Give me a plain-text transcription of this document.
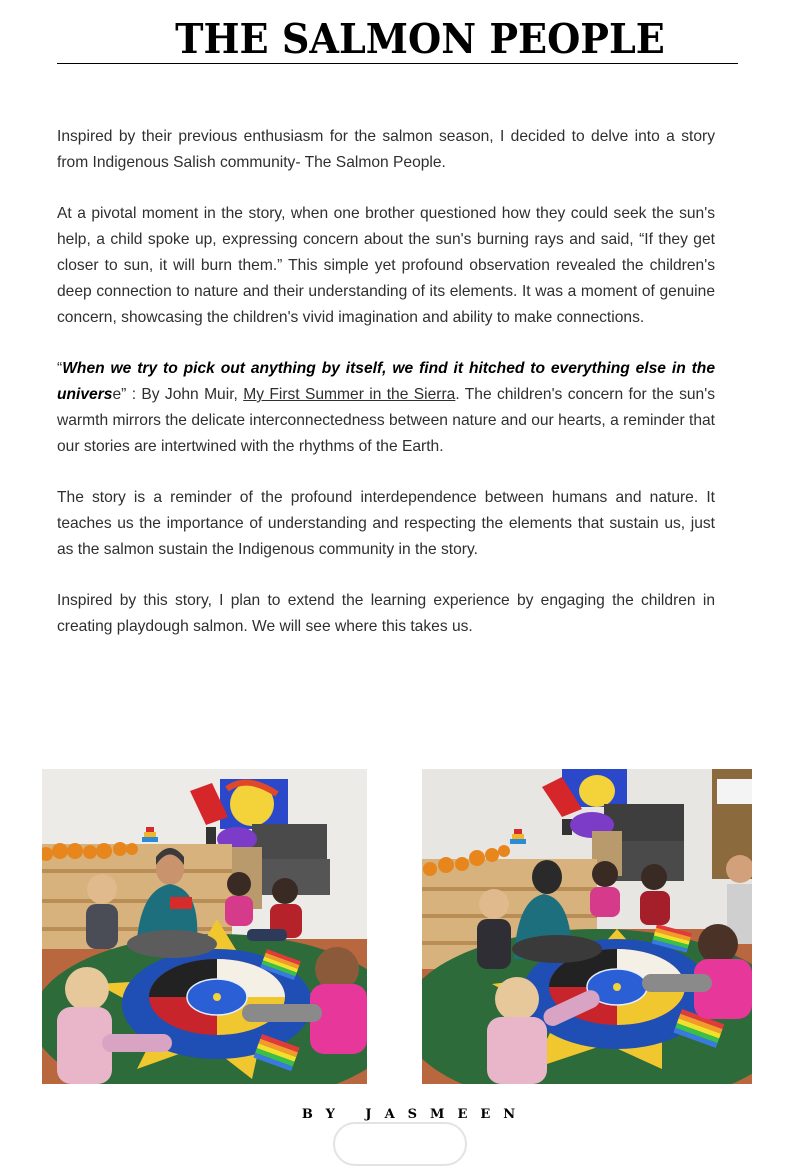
THE SALMON PEOPLE

Inspired by their previous enthusiasm for the salmon season, I decided to delve into a story from Indigenous Salish community- The Salmon People.

At a pivotal moment in the story, when one brother questioned how they could seek the sun's help, a child spoke up, expressing concern about the sun's burning rays and said, “If they get closer to sun, it will burn them.” This simple yet profound observation revealed the children's deep connection to nature and their understanding of its elements. It was a moment of genuine concern, showcasing the children's vivid imagination and ability to make connections.

“When we try to pick out anything by itself, we find it hitched to everything else in the universe” : By John Muir, My First Summer in the Sierra. The children's concern for the sun's warmth mirrors the delicate interconnectedness between nature and our hearts, a reminder that our stories are intertwined with the rhythms of the Earth.

The story is a reminder of the profound interdependence between humans and nature. It teaches us the importance of understanding and respecting the elements that sustain us, just as the salmon sustain the Indigenous community in the story.

Inspired by this story, I plan to extend the learning experience by engaging the children in creating playdough salmon. We will see where this takes us.

BY JASMEEN
